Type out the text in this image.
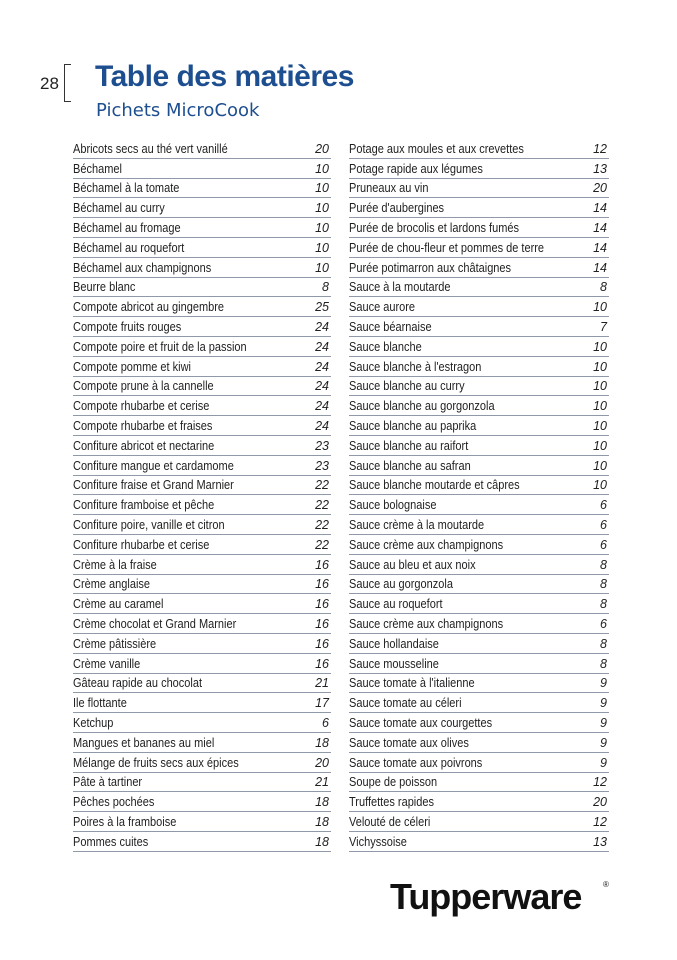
28 Table des matières
Pichets MicroCook
Abricots secs au thé vert vanillé	20
Béchamel	10
Béchamel à la tomate	10
Béchamel au curry	10
Béchamel au fromage	10
Béchamel au roquefort	10
Béchamel aux champignons	10
Beurre blanc	8
Compote abricot au gingembre	25
Compote fruits rouges	24
Compote poire et fruit de la passion	24
Compote pomme et kiwi	24
Compote prune à la cannelle	24
Compote rhubarbe et cerise	24
Compote rhubarbe et fraises	24
Confiture abricot et nectarine	23
Confiture mangue et cardamome	23
Confiture fraise et Grand Marnier	22
Confiture framboise et pêche	22
Confiture poire, vanille et citron	22
Confiture rhubarbe et cerise	22
Crème à la fraise	16
Crème anglaise	16
Crème au caramel	16
Crème chocolat et Grand Marnier	16
Crème pâtissière	16
Crème vanille	16
Gâteau rapide au chocolat	21
Ile flottante	17
Ketchup	6
Mangues et bananes au miel	18
Mélange de fruits secs aux épices	20
Pâte à tartiner	21
Pêches pochées	18
Poires à la framboise	18
Pommes cuites	18
Potage aux moules et aux crevettes	12
Potage rapide aux légumes	13
Pruneaux au vin	20
Purée d'aubergines	14
Purée de brocolis et lardons fumés	14
Purée de chou-fleur et pommes de terre	14
Purée potimarron aux châtaignes	14
Sauce à la moutarde	8
Sauce aurore	10
Sauce béarnaise	7
Sauce blanche	10
Sauce blanche à l'estragon	10
Sauce blanche au curry	10
Sauce blanche au gorgonzola	10
Sauce blanche au paprika	10
Sauce blanche au raifort	10
Sauce blanche au safran	10
Sauce blanche moutarde et câpres	10
Sauce bolognaise	6
Sauce crème à la moutarde	6
Sauce crème aux champignons	6
Sauce au bleu et aux noix	8
Sauce au gorgonzola	8
Sauce au roquefort	8
Sauce crème aux champignons	6
Sauce hollandaise	8
Sauce mousseline	8
Sauce tomate à l'italienne	9
Sauce tomate au céleri	9
Sauce tomate aux courgettes	9
Sauce tomate aux olives	9
Sauce tomate aux poivrons	9
Soupe de poisson	12
Truffettes rapides	20
Velouté de céleri	12
Vichyssoise	13
Tupperware	®
